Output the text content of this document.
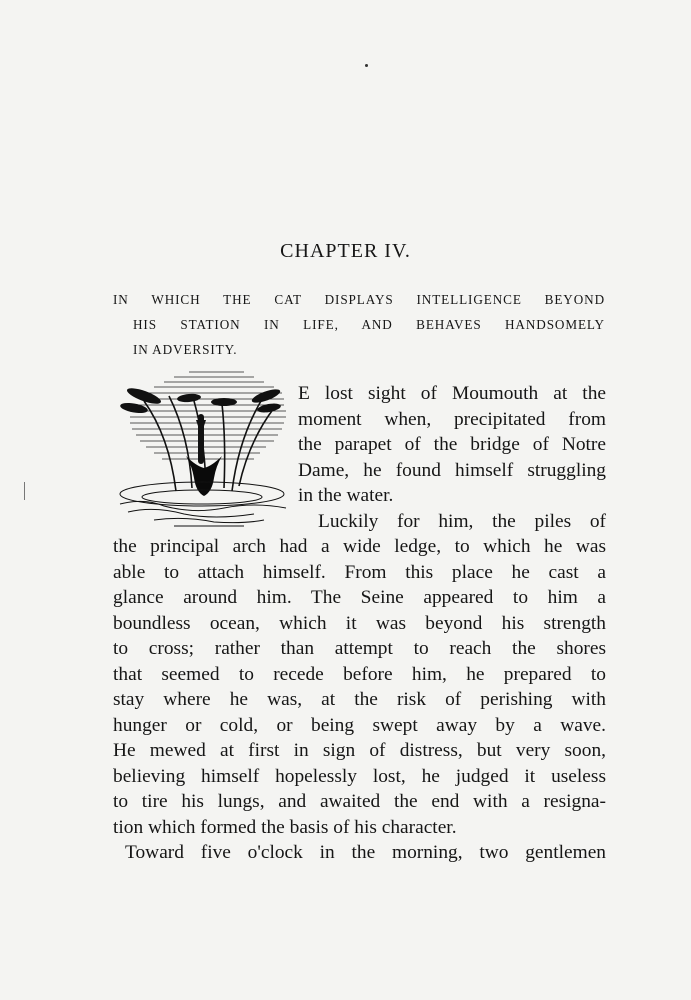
CHAPTER IV.
IN WHICH THE CAT DISPLAYS INTELLIGENCE BEYOND
HIS STATION IN LIFE, AND BEHAVES HANDSOMELY
IN ADVERSITY.
E lost sight of Moumouth at the
moment when, precipitated from
the parapet of the bridge of Notre
Dame, he found himself struggling
in the water.
Luckily for him, the piles of
the principal arch had a wide ledge, to which he was
able to attach himself. From this place he cast a
glance around him. The Seine appeared to him a
boundless ocean, which it was beyond his strength
to cross; rather than attempt to reach the shores
that seemed to recede before him, he prepared to
stay where he was, at the risk of perishing with
hunger or cold, or being swept away by a wave.
He mewed at first in sign of distress, but very soon,
believing himself hopelessly lost, he judged it useless
to tire his lungs, and awaited the end with a resigna-
tion which formed the basis of his character.
Toward five o'clock in the morning, two gentlemen
